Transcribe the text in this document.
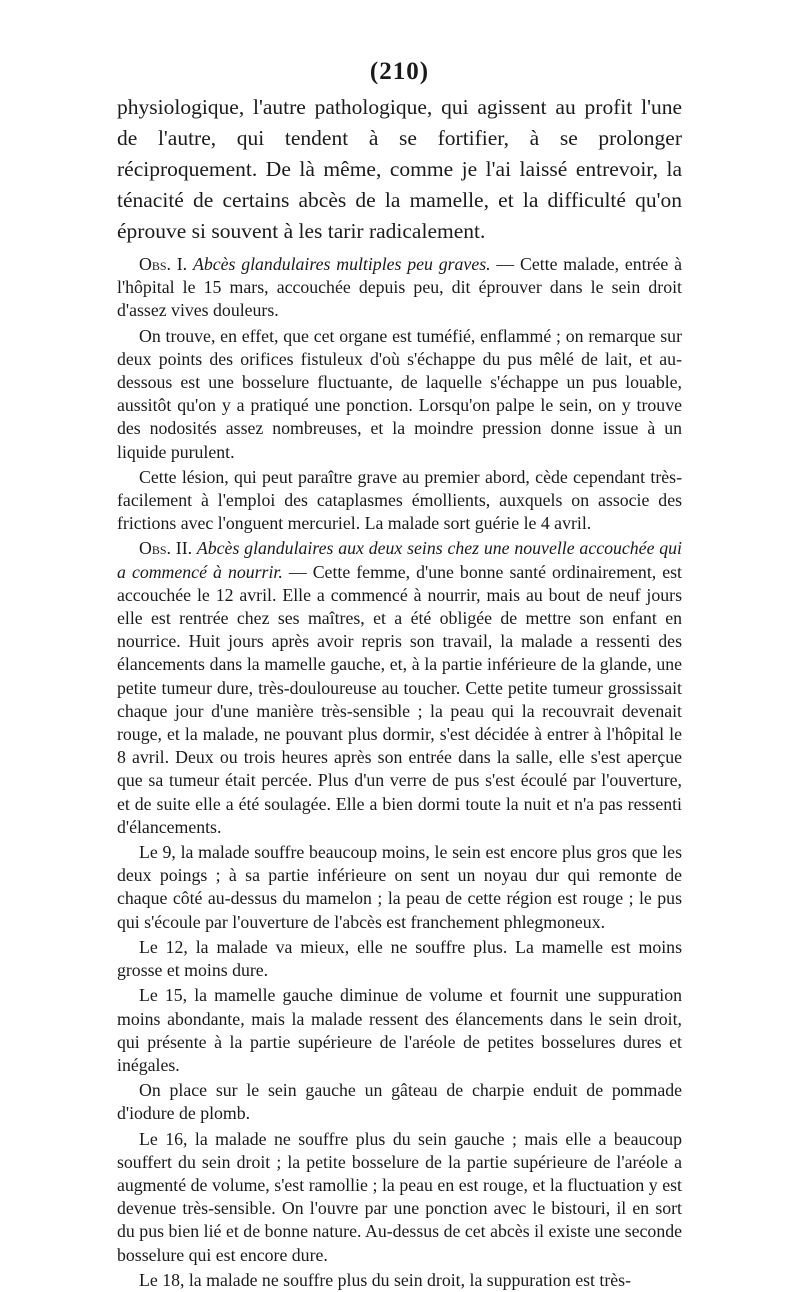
(210)

physiologique, l'autre pathologique, qui agissent au profit l'une de l'autre, qui tendent à se fortifier, à se prolonger réciproquement. De là même, comme je l'ai laissé entrevoir, la ténacité de certains abcès de la mamelle, et la difficulté qu'on éprouve si souvent à les tarir radicalement.

Obs. I. Abcès glandulaires multiples peu graves. — Cette malade, entrée à l'hôpital le 15 mars, accouchée depuis peu, dit éprouver dans le sein droit d'assez vives douleurs.

On trouve, en effet, que cet organe est tuméfié, enflammé ; on remarque sur deux points des orifices fistuleux d'où s'échappe du pus mêlé de lait, et au-dessous est une bosselure fluctuante, de laquelle s'échappe un pus louable, aussitôt qu'on y a pratiqué une ponction. Lorsqu'on palpe le sein, on y trouve des nodosités assez nombreuses, et la moindre pression donne issue à un liquide purulent.

Cette lésion, qui peut paraître grave au premier abord, cède cependant très-facilement à l'emploi des cataplasmes émollients, auxquels on associe des frictions avec l'onguent mercuriel. La malade sort guérie le 4 avril.

Obs. II. Abcès glandulaires aux deux seins chez une nouvelle accouchée qui a commencé à nourrir. — Cette femme, d'une bonne santé ordinairement, est accouchée le 12 avril. Elle a commencé à nourrir, mais au bout de neuf jours elle est rentrée chez ses maîtres, et a été obligée de mettre son enfant en nourrice. Huit jours après avoir repris son travail, la malade a ressenti des élancements dans la mamelle gauche, et, à la partie inférieure de la glande, une petite tumeur dure, très-douloureuse au toucher. Cette petite tumeur grossissait chaque jour d'une manière très-sensible ; la peau qui la recouvrait devenait rouge, et la malade, ne pouvant plus dormir, s'est décidée à entrer à l'hôpital le 8 avril. Deux ou trois heures après son entrée dans la salle, elle s'est aperçue que sa tumeur était percée. Plus d'un verre de pus s'est écoulé par l'ouverture, et de suite elle a été soulagée. Elle a bien dormi toute la nuit et n'a pas ressenti d'élancements.

Le 9, la malade souffre beaucoup moins, le sein est encore plus gros que les deux poings ; à sa partie inférieure on sent un noyau dur qui remonte de chaque côté au-dessus du mamelon ; la peau de cette région est rouge ; le pus qui s'écoule par l'ouverture de l'abcès est franchement phlegmoneux.

Le 12, la malade va mieux, elle ne souffre plus. La mamelle est moins grosse et moins dure.

Le 15, la mamelle gauche diminue de volume et fournit une suppuration moins abondante, mais la malade ressent des élancements dans le sein droit, qui présente à la partie supérieure de l'aréole de petites bosselures dures et inégales.

On place sur le sein gauche un gâteau de charpie enduit de pommade d'iodure de plomb.

Le 16, la malade ne souffre plus du sein gauche ; mais elle a beaucoup souffert du sein droit ; la petite bosselure de la partie supérieure de l'aréole a augmenté de volume, s'est ramollie ; la peau en est rouge, et la fluctuation y est devenue très-sensible. On l'ouvre par une ponction avec le bistouri, il en sort du pus bien lié et de bonne nature. Au-dessus de cet abcès il existe une seconde bosselure qui est encore dure.

Le 18, la malade ne souffre plus du sein droit, la suppuration est très-
